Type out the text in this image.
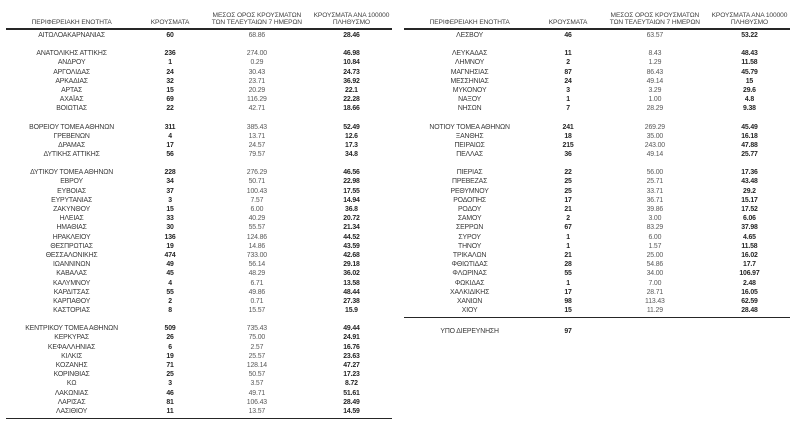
ΠΕΡΙΦΕΡΕΙΑΚΗ ΕΝΟΤΗΤΑ	ΚΡΟΥΣΜΑΤΑ
ΜΕΣΟΣ ΟΡΟΣ ΚΡΟΥΣΜΑΤΩΝ
ΤΩΝ ΤΕΛΕΥΤΑΙΩΝ 7 ΗΜΕΡΩΝ
ΚΡΟΥΣΜΑΤΑ ΑΝΑ 100000
ΠΛΗΘΥΣΜΟ
ΑΙΤΩΛΟΑΚΑΡΝΑΝΙΑΣ	60	68.86	28.46
ΑΝΑΤΟΛΙΚΗΣ ΑΤΤΙΚΗΣ	236	274.00	46.98
ΑΝΔΡΟΥ	1	0.29	10.84
ΑΡΓΟΛΙΔΑΣ	24	30.43	24.73
ΑΡΚΑΔΙΑΣ	32	23.71	36.92
ΑΡΤΑΣ	15	20.29	22.1
ΑΧΑΪΑΣ	69	116.29	22.28
ΒΟΙΩΤΙΑΣ	22	42.71	18.66
ΒΟΡΕΙΟΥ ΤΟΜΕΑ ΑΘΗΝΩΝ	311	385.43	52.49
ΓΡΕΒΕΝΩΝ	4	13.71	12.6
ΔΡΑΜΑΣ	17	24.57	17.3
ΔΥΤΙΚΗΣ ΑΤΤΙΚΗΣ	56	79.57	34.8
ΔΥΤΙΚΟΥ ΤΟΜΕΑ ΑΘΗΝΩΝ	228	276.29	46.56
ΕΒΡΟΥ	34	50.71	22.98
ΕΥΒΟΙΑΣ	37	100.43	17.55
ΕΥΡΥΤΑΝΙΑΣ	3	7.57	14.94
ΖΑΚΥΝΘΟΥ	15	6.00	36.8
ΗΛΕΙΑΣ	33	40.29	20.72
ΗΜΑΘΙΑΣ	30	55.57	21.34
ΗΡΑΚΛΕΙΟΥ	136	124.86	44.52
ΘΕΣΠΡΩΤΙΑΣ	19	14.86	43.59
ΘΕΣΣΑΛΟΝΙΚΗΣ	474	733.00	42.68
ΙΩΑΝΝΙΝΩΝ	49	56.14	29.18
ΚΑΒΑΛΑΣ	45	48.29	36.02
ΚΑΛΥΜΝΟΥ	4	6.71	13.58
ΚΑΡΔΙΤΣΑΣ	55	49.86	48.44
ΚΑΡΠΑΘΟΥ	2	0.71	27.38
ΚΑΣΤΟΡΙΑΣ	8	15.57	15.9
ΚΕΝΤΡΙΚΟΥ ΤΟΜΕΑ ΑΘΗΝΩΝ	509	735.43	49.44
ΚΕΡΚΥΡΑΣ	26	75.00	24.91
ΚΕΦΑΛΛΗΝΙΑΣ	6	2.57	16.76
ΚΙΛΚΙΣ	19	25.57	23.63
ΚΟΖΑΝΗΣ	71	128.14	47.27
ΚΟΡΙΝΘΙΑΣ	25	50.57	17.23
ΚΩ	3	3.57	8.72
ΛΑΚΩΝΙΑΣ	46	49.71	51.61
ΛΑΡΙΣΑΣ	81	106.43	28.49
ΛΑΣΙΘΙΟΥ	11	13.57	14.59
ΠΕΡΙΦΕΡΕΙΑΚΗ ΕΝΟΤΗΤΑ	ΚΡΟΥΣΜΑΤΑ
ΜΕΣΟΣ ΟΡΟΣ ΚΡΟΥΣΜΑΤΩΝ
ΤΩΝ ΤΕΛΕΥΤΑΙΩΝ 7 ΗΜΕΡΩΝ
ΚΡΟΥΣΜΑΤΑ ΑΝΑ 100000
ΠΛΗΘΥΣΜΟ
ΛΕΣΒΟΥ	46	63.57	53.22
ΛΕΥΚΑΔΑΣ	11	8.43	48.43
ΛΗΜΝΟΥ	2	1.29	11.58
ΜΑΓΝΗΣΙΑΣ	87	86.43	45.79
ΜΕΣΣΗΝΙΑΣ	24	49.14	15
ΜΥΚΟΝΟΥ	3	3.29	29.6
ΝΑΞΟΥ	1	1.00	4.8
ΝΗΣΩΝ	7	28.29	9.38
ΝΟΤΙΟΥ ΤΟΜΕΑ ΑΘΗΝΩΝ	241	269.29	45.49
ΞΑΝΘΗΣ	18	35.00	16.18
ΠΕΙΡΑΙΩΣ	215	243.00	47.88
ΠΕΛΛΑΣ	36	49.14	25.77
ΠΙΕΡΙΑΣ	22	56.00	17.36
ΠΡΕΒΕΖΑΣ	25	25.71	43.48
ΡΕΘΥΜΝΟΥ	25	33.71	29.2
ΡΟΔΟΠΗΣ	17	36.71	15.17
ΡΟΔΟΥ	21	39.86	17.52
ΣΑΜΟΥ	2	3.00	6.06
ΣΕΡΡΩΝ	67	83.29	37.98
ΣΥΡΟΥ	1	6.00	4.65
ΤΗΝΟΥ	1	1.57	11.58
ΤΡΙΚΑΛΩΝ	21	25.00	16.02
ΦΘΙΩΤΙΔΑΣ	28	54.86	17.7
ΦΛΩΡΙΝΑΣ	55	34.00	106.97
ΦΩΚΙΔΑΣ	1	7.00	2.48
ΧΑΛΚΙΔΙΚΗΣ	17	28.71	16.05
ΧΑΝΙΩΝ	98	113.43	62.59
ΧΙΟΥ	15	11.29	28.48
ΥΠΟ ΔΙΕΡΕΥΝΗΣΗ	97
